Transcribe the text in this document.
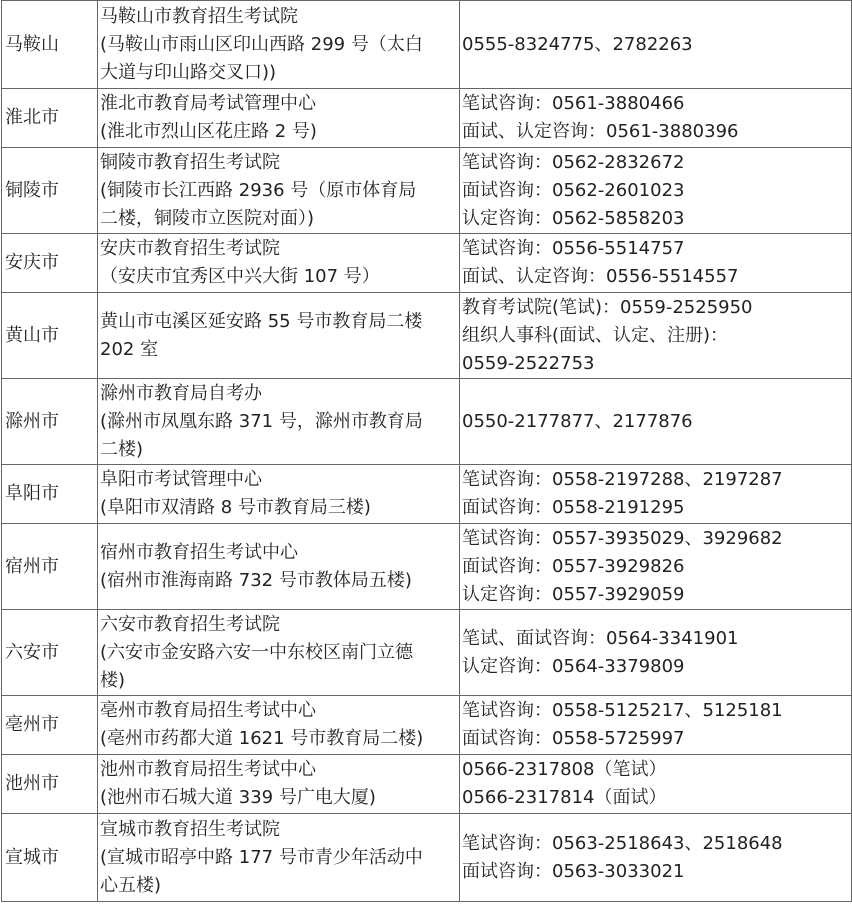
马鞍山	马鞍山市教育招生考试院
(马鞍山市雨山区印山西路 299 号（太白
大道与印山路交叉口))	0555-8324775、2782263

淮北市	淮北市教育局考试管理中心
(淮北市烈山区花庄路 2 号)	笔试咨询：0561-3880466
面试、认定咨询：0561-3880396

铜陵市	铜陵市教育招生考试院
(铜陵市长江西路 2936 号（原市体育局
二楼，铜陵市立医院对面）)	笔试咨询：0562-2832672
面试咨询：0562-2601023
认定咨询：0562-5858203

安庆市	安庆市教育招生考试院
（安庆市宜秀区中兴大街 107 号）	笔试咨询：0556-5514757
面试、认定咨询：0556-5514557

黄山市	黄山市屯溪区延安路 55 号市教育局二楼
202 室	教育考试院(笔试)：0559-2525950
组织人事科(面试、认定、注册)：
0559-2522753

滁州市	滁州市教育局自考办
(滁州市凤凰东路 371 号，滁州市教育局
二楼)	0550-2177877、2177876

阜阳市	阜阳市考试管理中心
(阜阳市双清路 8 号市教育局三楼)	笔试咨询：0558-2197288、2197287
面试咨询：0558-2191295

宿州市	宿州市教育招生考试中心
(宿州市淮海南路 732 号市教体局五楼)	笔试咨询：0557-3935029、3929682
面试咨询：0557-3929826
认定咨询：0557-3929059

六安市	六安市教育招生考试院
(六安市金安路六安一中东校区南门立德
楼)	笔试、面试咨询：0564-3341901
认定咨询：0564-3379809

亳州市	亳州市教育局招生考试中心
(亳州市药都大道 1621 号市教育局二楼)	笔试咨询：0558-5125217、5125181
面试咨询：0558-5725997

池州市	池州市教育局招生考试中心
(池州市石城大道 339 号广电大厦)	0566-2317808（笔试）
0566-2317814（面试）

宣城市	宣城市教育招生考试院
(宣城市昭亭中路 177 号市青少年活动中
心五楼)	笔试咨询：0563-2518643、2518648
面试咨询：0563-3033021
